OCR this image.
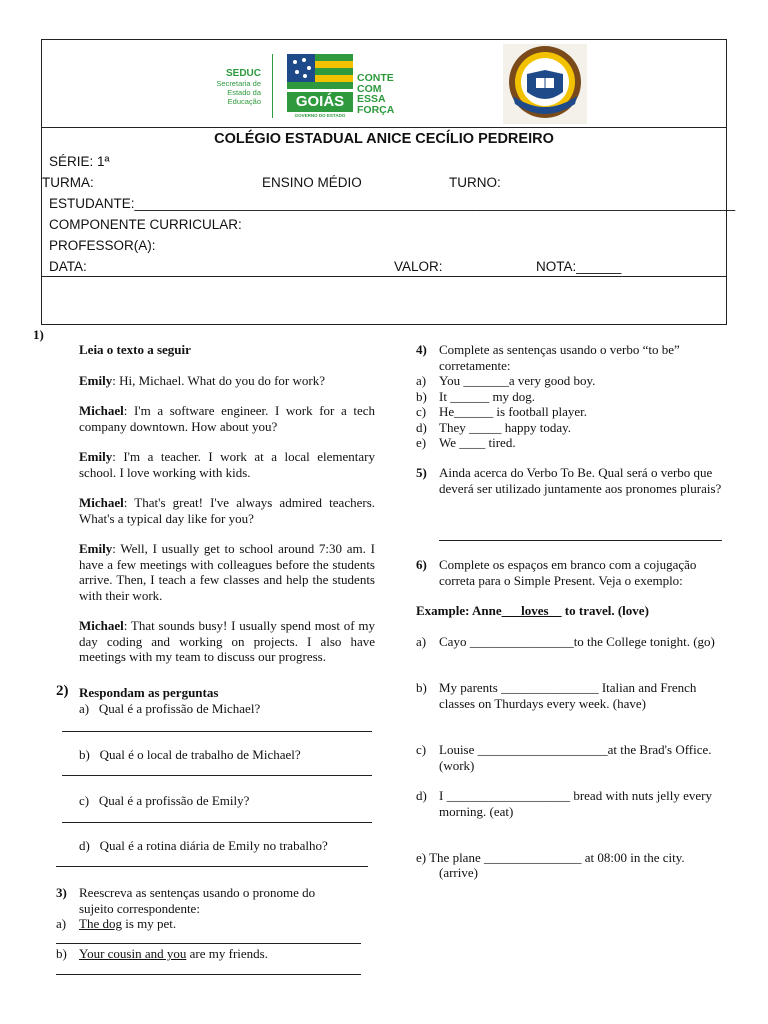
SEDUC
Secretaria de
Estado da
Educação	GOIÁS
GOVERNO DO ESTADO
CONTE
COM
ESSA
FORÇA
COLÉGIO ESTADUAL ANICE CECÍLIO PEDREIRO
SÉRIE: 1ª
TURMA:	ENSINO MÉDIO	TURNO:
ESTUDANTE:________________________________________________________________________________
COMPONENTE CURRICULAR:
PROFESSOR(A):
DATA:	VALOR:	NOTA:______
1)
Leia o texto a seguir
Emily: Hi, Michael. What do you do for work?
Michael: I'm a software engineer. I work for a tech company downtown. How about you?
Emily: I'm a teacher. I work at a local elementary school. I love working with kids.
Michael: That's great! I've always admired teachers. What's a typical day like for you?
Emily: Well, I usually get to school around 7:30 am. I have a few meetings with colleagues before the students arrive. Then, I teach a few classes and help the students with their work.
Michael: That sounds busy! I usually spend most of my day coding and working on projects. I also have meetings with my team to discuss our progress.
2) Respondam as perguntas
a) Qual é a profissão de Michael?
b) Qual é o local de trabalho de Michael?
c) Qual é a profissão de Emily?
d) Qual é a rotina diária de Emily no trabalho?
3) Reescreva as sentenças usando o pronome do sujeito correspondente:
a) The dog is my pet.
b) Your cousin and you are my friends.
4) Complete as sentenças usando o verbo “to be” corretamente:
a) You _______a very good boy.
b) It ______ my dog.
c) He______ is football player.
d) They _____ happy today.
e) We ____ tired.
5) Ainda acerca do Verbo To Be. Qual será o verbo que deverá ser utilizado juntamente aos pronomes plurais?
6) Complete os espaços em branco com a cojugação correta para o Simple Present. Veja o exemplo:
Example: Anne___loves__ to travel. (love)
a) Cayo ________________to the College tonight. (go)
b) My parents _______________ Italian and French classes on Thurdays every week. (have)
c) Louise ____________________at the Brad's Office. (work)
d) I ___________________ bread with nuts jelly every morning. (eat)
e) The plane _______________ at 08:00 in the city.
(arrive)
